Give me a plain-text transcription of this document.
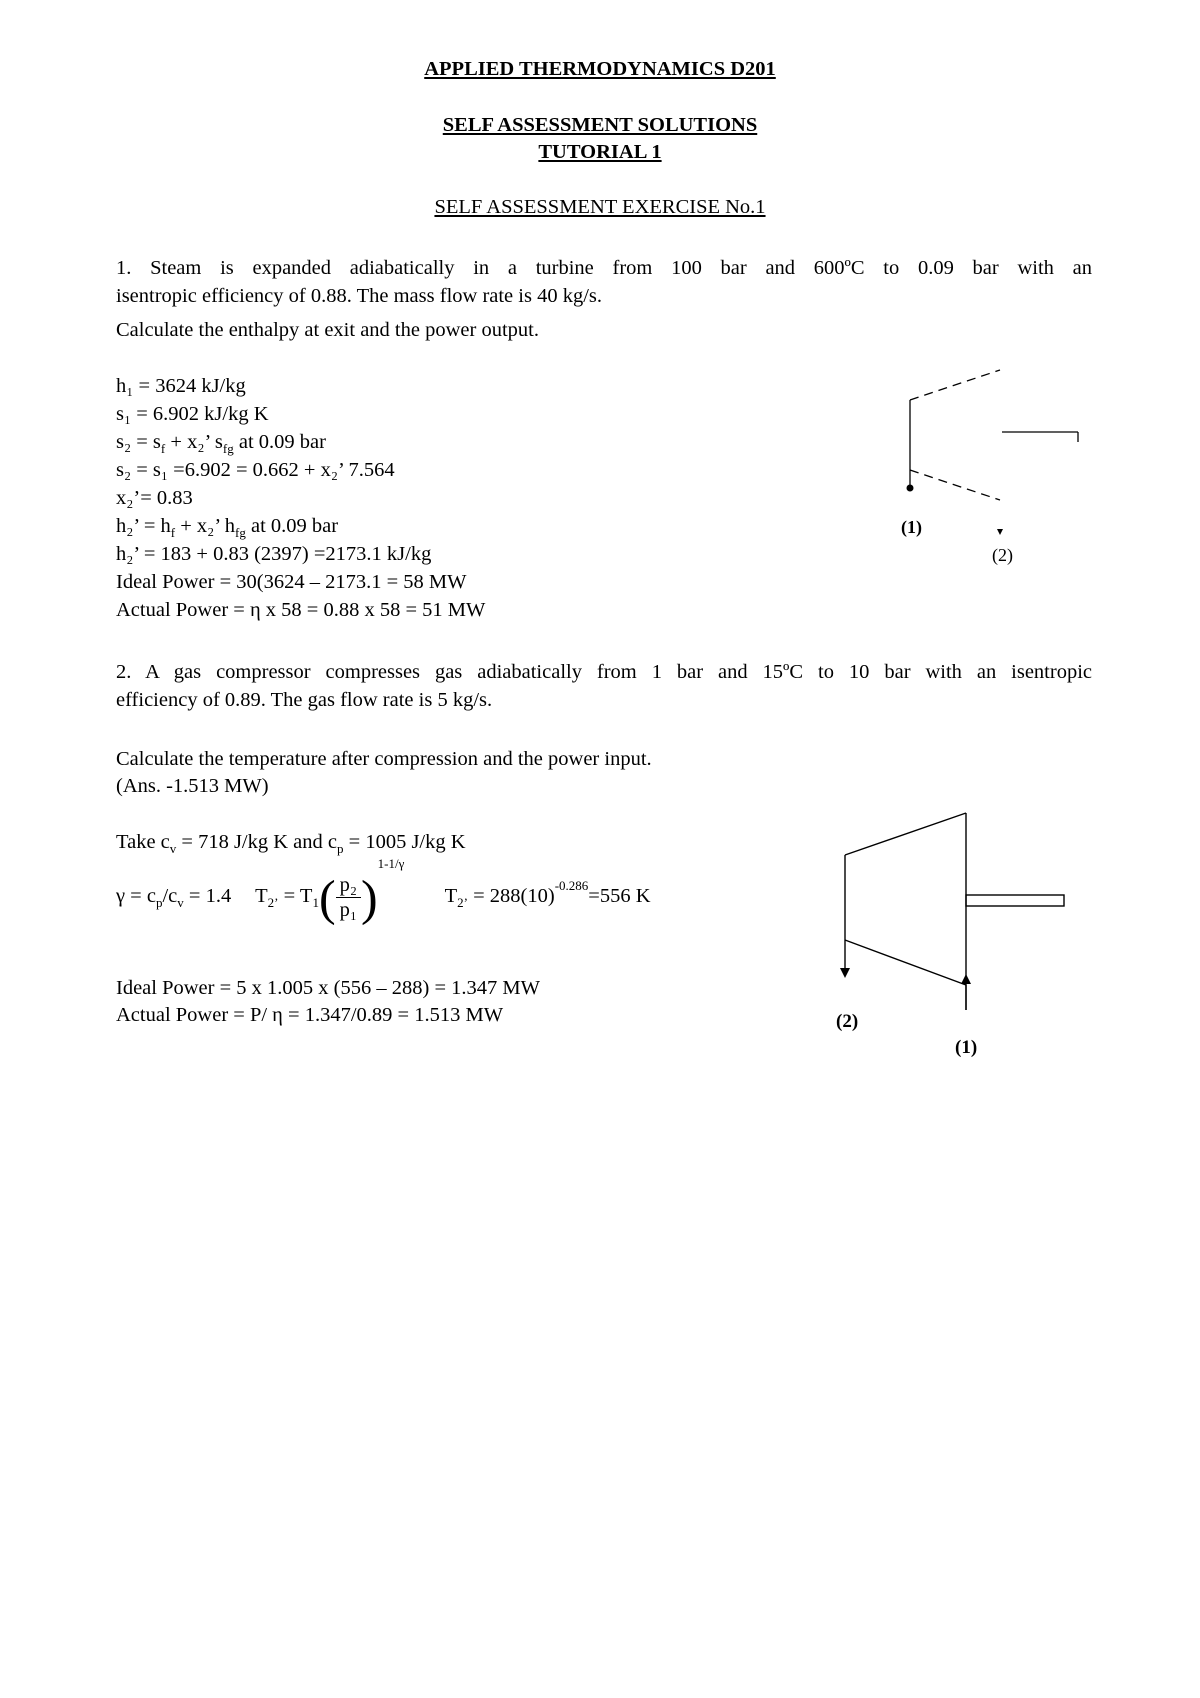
APPLIED THERMODYNAMICS D201
SELF ASSESSMENT SOLUTIONS
TUTORIAL 1
SELF ASSESSMENT EXERCISE No.1
1. Steam is expanded adiabatically in a turbine from 100 bar and 600ºC to 0.09 bar with an
isentropic efficiency of 0.88. The mass flow rate is 40 kg/s.
Calculate the enthalpy at exit and the power output.
h₁ = 3624 kJ/kg
s₁ = 6.902 kJ/kg K
$s_2 = s_f + x_2$’ $s_{fg}$ at 0.09 bar
s₂ = s₁ =6.902 = 0.662 + x₂’ 7.564
x₂’= 0.83
h₂’ = $h_f + x_2$’ $h_{fg}$ at 0.09 bar
h₂’ = 183 + 0.83 (2397) =2173.1 kJ/kg
Ideal Power = 30(3624 – 2173.1 = 58 MW
Actual Power = η x 58 = 0.88 x 58 = 51 MW
(1)
(2)
2. A gas compressor compresses gas adiabatically from 1 bar and 15ºC to 10 bar with an isentropic
efficiency of 0.89. The gas flow rate is 5 kg/s.
Calculate the temperature after compression and the power input.
(Ans. -1.513 MW)
Take $c_v = 718$ J/kg K and $c_p = 1005$ J/kg K
$\gamma = c_p/c_v = 1.4$ $T_{2’} = T_1( \frac{\text{p₂}}{\text{p₁}} )^{1-1/\gamma}$  $T_{2’} = 288(10)^{-0.286}=556$ K
Ideal Power = 5 x 1.005 x (556 – 288) = 1.347 MW
Actual Power = P/ η = 1.347/0.89 = 1.513 MW	(2)
(1)
